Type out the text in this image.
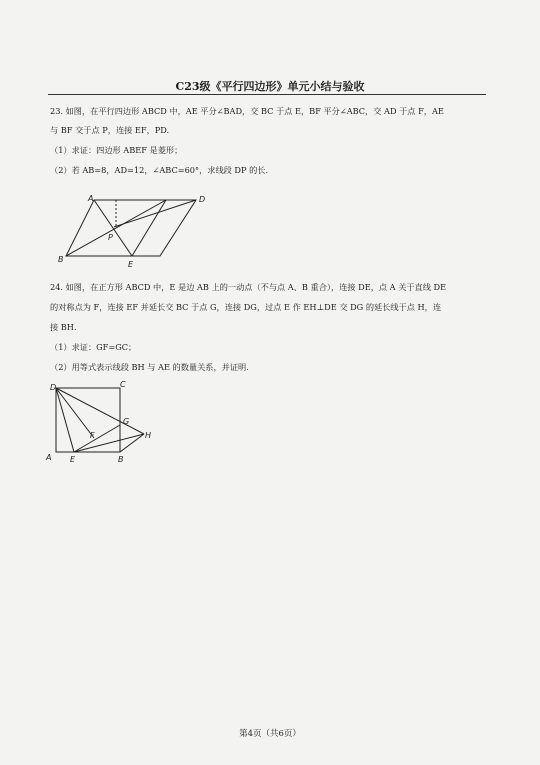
C23级《平行四边形》单元小结与验收
23. 如图，在平行四边形 ABCD 中，AE 平分∠BAD，交 BC 于点 E，BF 平分∠ABC，交 AD 于点 F，AE
与 BF 交于点 P，连接 EF，PD.
（1）求证：四边形 ABEF 是菱形；
（2）若 AB=8，AD=12，∠ABC=60°，求线段 DP 的长.
A	D
P
B
E
24. 如图，在正方形 ABCD 中，E 是边 AB 上的一动点（不与点 A、B 重合），连接 DE，点 A 关于直线 DE
的对称点为 F，连接 EF 并延长交 BC 于点 G，连接 DG，过点 E 作 EH⊥DE 交 DG 的延长线于点 H，连
接 BH.
（1）求证：GF=GC；
（2）用等式表示线段 BH 与 AE 的数量关系，并证明.
D	C
G
F	H
A E	B
第4页（共6页）
